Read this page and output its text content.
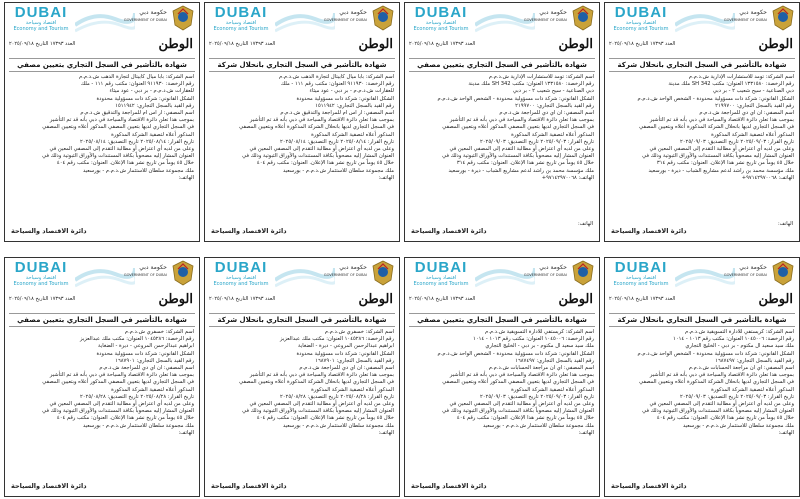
DUBAI
اقتصاد وسياحة
Economy and Tourism
حكومة دبي
GOVERNMENT OF DUBAI
الوطن
العدد ١٧٣٩٣ التاريخ ٢٠٢٥/٠٩/١٨
شهادة بالتأشير في السجل التجاري بانحلال شركة

اسم الشركة: تومد للاستشارات الإدارية ش.ذ.م.م

رقم الرخصة: ١٣٣١٥٨٠ العنوان: مكتب 342 SH ملك مدينة

دبي الصناعية - سيح شعيب ٢ - بر دبي

الشكل القانوني: شركة ذات مسؤولية محدودة - الشخص الواحد ش.ذ.م.م

رقم القيد بالسجل التجاري: ٢١٩٩٧٠٠

اسم المصفي: ان اي دي للمراجعة ش.ذ.م.م

بموجب هذا تعلن دائرة الاقتصاد والسياحة في دبي بأنه قد تم التأشير

في السجل التجاري لديها بانحلال الشركة المذكورة أعلاه وبتعيين المصفي

المذكور أعلاه لتصفية الشركة المذكورة

تاريخ القرار: ٢٠٢٥/٠٩/٠٣ تاريخ التصديق: ٢٠٢٥/٠٩/٠٣

وعلى من لديه أي اعتراض أو مطالبة التقدم إلى المصفي المعين في

العنوان المشار إليه مصحوباً بكافة المستندات والأوراق الثبوتية وذلك في

خلال ٤٥ يوماً من تاريخ نشر هذا الإعلان. العنوان: مكتب رقم ٣١٤

ملك مؤسسة محمد بن راشد لدعم مشاريع الشباب - ديرة - بورسعيد

الهاتف: ٩٧١٤٢٩٧٠٠٦٨+

دائرة الاقتصاد والسياحة
الهاتف:
DUBAI
اقتصاد وسياحة
Economy and Tourism
حكومة دبي
GOVERNMENT OF DUBAI
الوطن
العدد ١٧٣٩٣ التاريخ ٢٠٢٥/٠٩/١٨
شهادة بالتأشير في السجل التجاري بتعيين مصفي

اسم الشركة: تومد للاستشارات الإدارية ش.ذ.م.م

رقم الرخصة: ١٣٣١٥٨٠ العنوان: مكتب 342 SH ملك مدينة

دبي الصناعية - سيح شعيب ٢ - بر دبي

الشكل القانوني: شركة ذات مسؤولية محدودة - الشخص الواحد ش.ذ.م.م

رقم القيد بالسجل التجاري: ٢١٩٩٧٠٠

اسم المصفي: ان اي دي للمراجعة ش.ذ.م.م

بموجب هذا تعلن دائرة الاقتصاد والسياحة في دبي بأنه قد تم التأشير

في السجل التجاري لديها بتعيين المصفي المذكور أعلاه وبتعيين المصفي

المذكور أعلاه لتصفية الشركة المذكورة

تاريخ القرار: ٢٠٢٥/٠٩/٠٣ تاريخ التصديق: ٢٠٢٥/٠٩/٠٣

وعلى من لديه أي اعتراض أو مطالبة التقدم إلى المصفي المعين في

العنوان المشار إليه مصحوباً بكافة المستندات والأوراق الثبوتية وذلك في

خلال ٤٥ يوماً من تاريخ نشر هذا الإعلان. العنوان: مكتب رقم ٣١٤

ملك مؤسسة محمد بن راشد لدعم مشاريع الشباب - ديرة - بورسعيد

الهاتف: ٩٧١٤٢٩٧٠٠٦٨+

دائرة الاقتصاد والسياحة
الهاتف:
DUBAI
اقتصاد وسياحة
Economy and Tourism
حكومة دبي
GOVERNMENT OF DUBAI
الوطن
العدد ١٧٣٩٣ التاريخ ٢٠٢٥/٠٩/١٨
شهادة بالتأشير في السجل التجاري بانحلال شركة

اسم الشركة: بابا ميال كابيتال لتجارة الذهب ش.ذ.م.م

رقم الرخصة: ٩١١٩٣٠ العنوان: مكتب رقم ١١١ - ملك

للعقارات ش.ذ.م.م - بر دبي - عود ميثاء

الشكل القانوني: شركة ذات مسؤولية محدودة

رقم القيد بالسجل التجاري: ١٥١١٩٤٢

اسم المصفي: ار اس ام للمراجعة والتدقيق ش.ذ.م.م

بموجب هذا تعلن دائرة الاقتصاد والسياحة في دبي بأنه قد تم التأشير

في السجل التجاري لديها بانحلال الشركة المذكورة أعلاه وبتعيين المصفي

المذكور أعلاه لتصفية الشركة المذكورة

تاريخ القرار: ٢٠٢٥/٠٨/١٤ تاريخ التصديق: ٢٠٢٥/٠٨/١٤

وعلى من لديه أي اعتراض أو مطالبة التقدم إلى المصفي المعين في

العنوان المشار إليه مصحوباً بكافة المستندات والأوراق الثبوتية وذلك في

خلال ٤٥ يوماً من تاريخ نشر هذا الإعلان. العنوان: مكتب رقم ٤٠٤

ملك مجموعة سلطان للاستثمار ش.ذ.م.م - بورسعيد

الهاتف:

دائرة الاقتصاد والسياحة
DUBAI
اقتصاد وسياحة
Economy and Tourism
حكومة دبي
GOVERNMENT OF DUBAI
الوطن
العدد ١٧٣٩٣ التاريخ ٢٠٢٥/٠٩/١٨
شهادة بالتأشير في السجل التجاري بتعيين مصفي

اسم الشركة: بابا ميال كابيتال لتجارة الذهب ش.ذ.م.م

رقم الرخصة: ٩١١٩٣٠ العنوان: مكتب رقم ١١١ - ملك

للعقارات ش.ذ.م.م - بر دبي - عود ميثاء

الشكل القانوني: شركة ذات مسؤولية محدودة

رقم القيد بالسجل التجاري: ١٥١١٩٤٢

اسم المصفي: ار اس ام للمراجعة والتدقيق ش.ذ.م.م

بموجب هذا تعلن دائرة الاقتصاد والسياحة في دبي بأنه قد تم التأشير

في السجل التجاري لديها بتعيين المصفي المذكور أعلاه وبتعيين المصفي

المذكور أعلاه لتصفية الشركة المذكورة

تاريخ القرار: ٢٠٢٥/٠٨/١٤ تاريخ التصديق: ٢٠٢٥/٠٨/١٤

وعلى من لديه أي اعتراض أو مطالبة التقدم إلى المصفي المعين في

العنوان المشار إليه مصحوباً بكافة المستندات والأوراق الثبوتية وذلك في

خلال ٤٥ يوماً من تاريخ نشر هذا الإعلان. العنوان: مكتب رقم ٤٠٤

ملك مجموعة سلطان للاستثمار ش.ذ.م.م - بورسعيد

الهاتف:

دائرة الاقتصاد والسياحة
DUBAI
اقتصاد وسياحة
Economy and Tourism
حكومة دبي
GOVERNMENT OF DUBAI
الوطن
العدد ١٧٣٩٣ التاريخ ٢٠٢٥/٠٩/١٨
شهادة بالتأشير في السجل التجاري بانحلال شركة

اسم الشركة: كريستفي للادارة التسويقية ش.ذ.م.م

رقم الرخصة: ١٠٤٥٠٠٦ العنوان: مكتب رقم ١٠١٣ - ١٠١٤

ملك سيد سعيد ال مكتوم - بر دبي - الخليج التجاري

الشكل القانوني: شركة ذات مسؤولية محدودة - الشخص الواحد ش.ذ.م.م

رقم القيد بالسجل التجاري: ١٦٨٧٤٩٧

اسم المصفي: اي ان مراجعة الحسابات ش.ذ.م.م

بموجب هذا تعلن دائرة الاقتصاد والسياحة في دبي بأنه قد تم التأشير

في السجل التجاري لديها بانحلال الشركة المذكورة أعلاه وبتعيين المصفي

المذكور أعلاه لتصفية الشركة المذكورة

تاريخ القرار: ٢٠٢٥/٠٩/٠٣ تاريخ التصديق: ٢٠٢٥/٠٩/٠٣

وعلى من لديه أي اعتراض أو مطالبة التقدم إلى المصفي المعين في

العنوان المشار إليه مصحوباً بكافة المستندات والأوراق الثبوتية وذلك في

خلال ٤٥ يوماً من تاريخ نشر هذا الإعلان. العنوان: مكتب رقم ٤٠٤

ملك مجموعة سلطان للاستثمار ش.ذ.م.م - بورسعيد

الهاتف:

دائرة الاقتصاد والسياحة
DUBAI
اقتصاد وسياحة
Economy and Tourism
حكومة دبي
GOVERNMENT OF DUBAI
الوطن
العدد ١٧٣٩٣ التاريخ ٢٠٢٥/٠٩/١٨
شهادة بالتأشير في السجل التجاري بتعيين مصفي

اسم الشركة: كريستفي للادارة التسويقية ش.ذ.م.م

رقم الرخصة: ١٠٤٥٠٠٦ العنوان: مكتب رقم ١٠١٣ - ١٠١٤

ملك سيد سعيد ال مكتوم - بر دبي - الخليج التجاري

الشكل القانوني: شركة ذات مسؤولية محدودة - الشخص الواحد ش.ذ.م.م

رقم القيد بالسجل التجاري: ١٦٨٧٤٩٧

اسم المصفي: اي ان مراجعة الحسابات ش.ذ.م.م

بموجب هذا تعلن دائرة الاقتصاد والسياحة في دبي بأنه قد تم التأشير

في السجل التجاري لديها بتعيين المصفي المذكور أعلاه وبتعيين المصفي

المذكور أعلاه لتصفية الشركة المذكورة

تاريخ القرار: ٢٠٢٥/٠٩/٠٣ تاريخ التصديق: ٢٠٢٥/٠٩/٠٣

وعلى من لديه أي اعتراض أو مطالبة التقدم إلى المصفي المعين في

العنوان المشار إليه مصحوباً بكافة المستندات والأوراق الثبوتية وذلك في

خلال ٤٥ يوماً من تاريخ نشر هذا الإعلان. العنوان: مكتب رقم ٤٠٤

ملك مجموعة سلطان للاستثمار ش.ذ.م.م - بورسعيد

الهاتف:

دائرة الاقتصاد والسياحة
DUBAI
اقتصاد وسياحة
Economy and Tourism
حكومة دبي
GOVERNMENT OF DUBAI
الوطن
العدد ١٧٣٩٣ التاريخ ٢٠٢٥/٠٩/١٨
شهادة بالتأشير في السجل التجاري بانحلال شركة

اسم الشركة: خسفري ش.ذ.م.م

رقم الرخصة: ١٠٤٥٢٨٦ العنوان: مكتب ملك عبدالعزيز

ابراهيم عبدالرحمن المروعي - ديرة - الضغاية

الشكل القانوني: شركة ذات مسؤولية محدودة

رقم القيد بالسجل التجاري: ١٦٨٧٩٠١

اسم المصفي: ان اي دي للمراجعة ش.ذ.م.م

بموجب هذا تعلن دائرة الاقتصاد والسياحة في دبي بأنه قد تم التأشير

في السجل التجاري لديها بانحلال الشركة المذكورة أعلاه وبتعيين المصفي

المذكور أعلاه لتصفية الشركة المذكورة

تاريخ القرار: ٢٠٢٥/٠٨/٢٨ تاريخ التصديق: ٢٠٢٥/٠٨/٢٨

وعلى من لديه أي اعتراض أو مطالبة التقدم إلى المصفي المعين في

العنوان المشار إليه مصحوباً بكافة المستندات والأوراق الثبوتية وذلك في

خلال ٤٥ يوماً من تاريخ نشر هذا الإعلان. العنوان: مكتب رقم ٤٠٤

ملك مجموعة سلطان للاستثمار ش.ذ.م.م - بورسعيد

الهاتف:

دائرة الاقتصاد والسياحة
DUBAI
اقتصاد وسياحة
Economy and Tourism
حكومة دبي
GOVERNMENT OF DUBAI
الوطن
العدد ١٧٣٩٣ التاريخ ٢٠٢٥/٠٩/١٨
شهادة بالتأشير في السجل التجاري بتعيين مصفي

اسم الشركة: خسفري ش.ذ.م.م

رقم الرخصة: ١٠٤٥٢٨٦ العنوان: مكتب ملك عبدالعزيز

ابراهيم عبدالرحمن المروعي - ديرة - الضغاية

الشكل القانوني: شركة ذات مسؤولية محدودة

رقم القيد بالسجل التجاري: ١٦٨٧٩٠١

اسم المصفي: ان اي دي للمراجعة ش.ذ.م.م

بموجب هذا تعلن دائرة الاقتصاد والسياحة في دبي بأنه قد تم التأشير

في السجل التجاري لديها بتعيين المصفي المذكور أعلاه وبتعيين المصفي

المذكور أعلاه لتصفية الشركة المذكورة

تاريخ القرار: ٢٠٢٥/٠٨/٢٨ تاريخ التصديق: ٢٠٢٥/٠٨/٢٨

وعلى من لديه أي اعتراض أو مطالبة التقدم إلى المصفي المعين في

العنوان المشار إليه مصحوباً بكافة المستندات والأوراق الثبوتية وذلك في

خلال ٤٥ يوماً من تاريخ نشر هذا الإعلان. العنوان: مكتب رقم ٤٠٤

ملك مجموعة سلطان للاستثمار ش.ذ.م.م - بورسعيد

الهاتف:

دائرة الاقتصاد والسياحة
